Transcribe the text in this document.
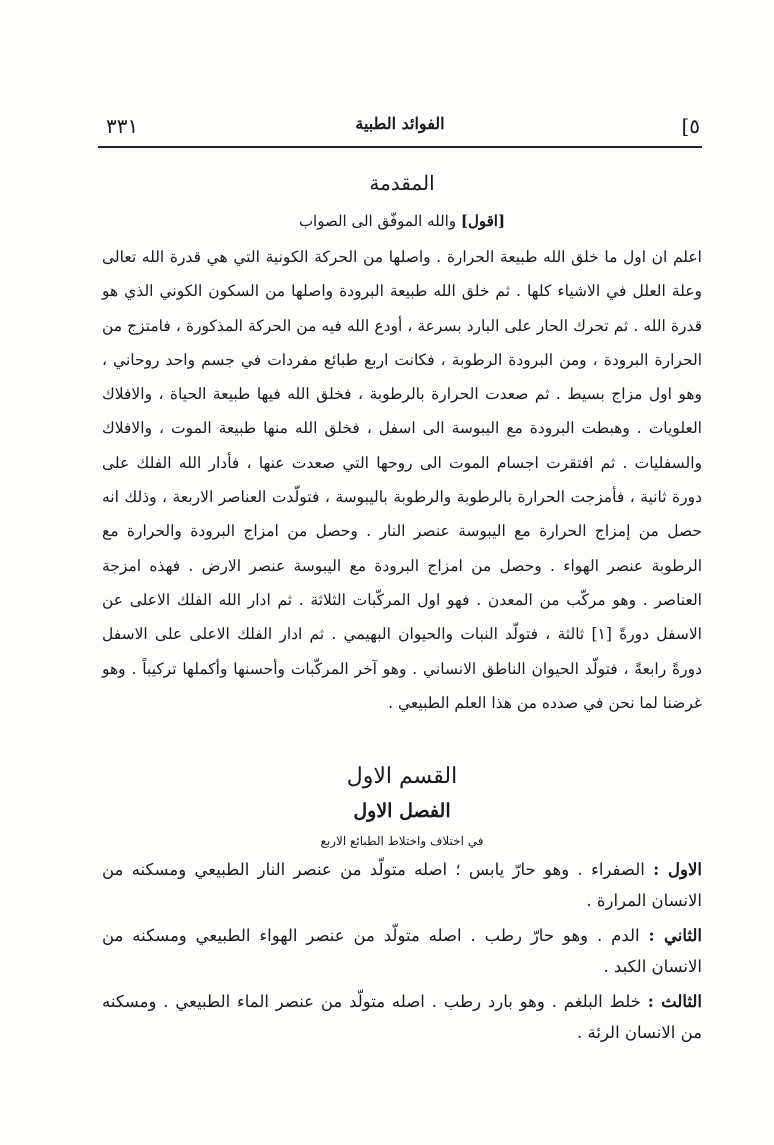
٣٣١	الفوائد الطبية	[٥
المقدمة
[اقول] والله الموفّق الى الصواب

اعلم ان اول ما خلق الله طبيعة الحرارة . واصلها من الحركة الكونية التي هي قدرة الله تعالى وعلة العلل في الاشياء كلها . ثم خلق الله طبيعة البرودة واصلها من السكون الكوني الذي هو قدرة الله . ثم تحرك الحار على البارد بسرعة ، أودع الله فيه من الحركة المذكورة ، فامتزج من الحرارة البرودة ، ومن البرودة الرطوبة ، فكانت اربع طبائع مفردات في جسم واحد روحاني ، وهو اول مزاج بسيط . ثم صعدت الحرارة بالرطوبة ، فخلق الله فيها طبيعة الحياة ، والافلاك العلويات . وهبطت البرودة مع اليبوسة الى اسفل ، فخلق الله منها طبيعة الموت ، والافلاك والسفليات . ثم افتقرت اجسام الموت الى روحها التي صعدت عنها ، فأدار الله الفلك على دورة ثانية ، فأمزجت الحرارة بالرطوبة والرطوبة باليبوسة ، فتولّدت العناصر الاربعة ، وذلك انه حصل من إمزاج الحرارة مع اليبوسة عنصر النار . وحصل من امزاج البرودة والحرارة مع الرطوبة عنصر الهواء . وحصل من امزاج البرودة مع اليبوسة عنصر الارض . فهذه امزجة العناصر . وهو مركّب من المعدن . فهو اول المركّبات الثلاثة . ثم ادار الله الفلك الاعلى عن الاسفل دورةً [١] ثالثة ، فتولّد النبات والحيوان البهيمي . ثم ادار الفلك الاعلى على الاسفل دورةً رابعةً ، فتولّد الحيوان الناطق الانساني . وهو آخر المركّبات وأحسنها وأكملها تركيباً . وهو غرضنا لما نحن في صدده من هذا العلم الطبيعي .

القسم الاول
الفصل الاول
في اختلاف واختلاط الطبائع الاربع

الاول : الصفراء . وهو حارّ يابس ؛ اصله متولّد من عنصر النار الطبيعي ومسكنه من الانسان المرارة .

الثاني : الدم . وهو حارّ رطب . اصله متولّد من عنصر الهواء الطبيعي ومسكنه من الانسان الكبد .

الثالث : خلط البلغم . وهو بارد رطب . اصله متولّد من عنصر الماء الطبيعي . ومسكنه من الانسان الرئة .
